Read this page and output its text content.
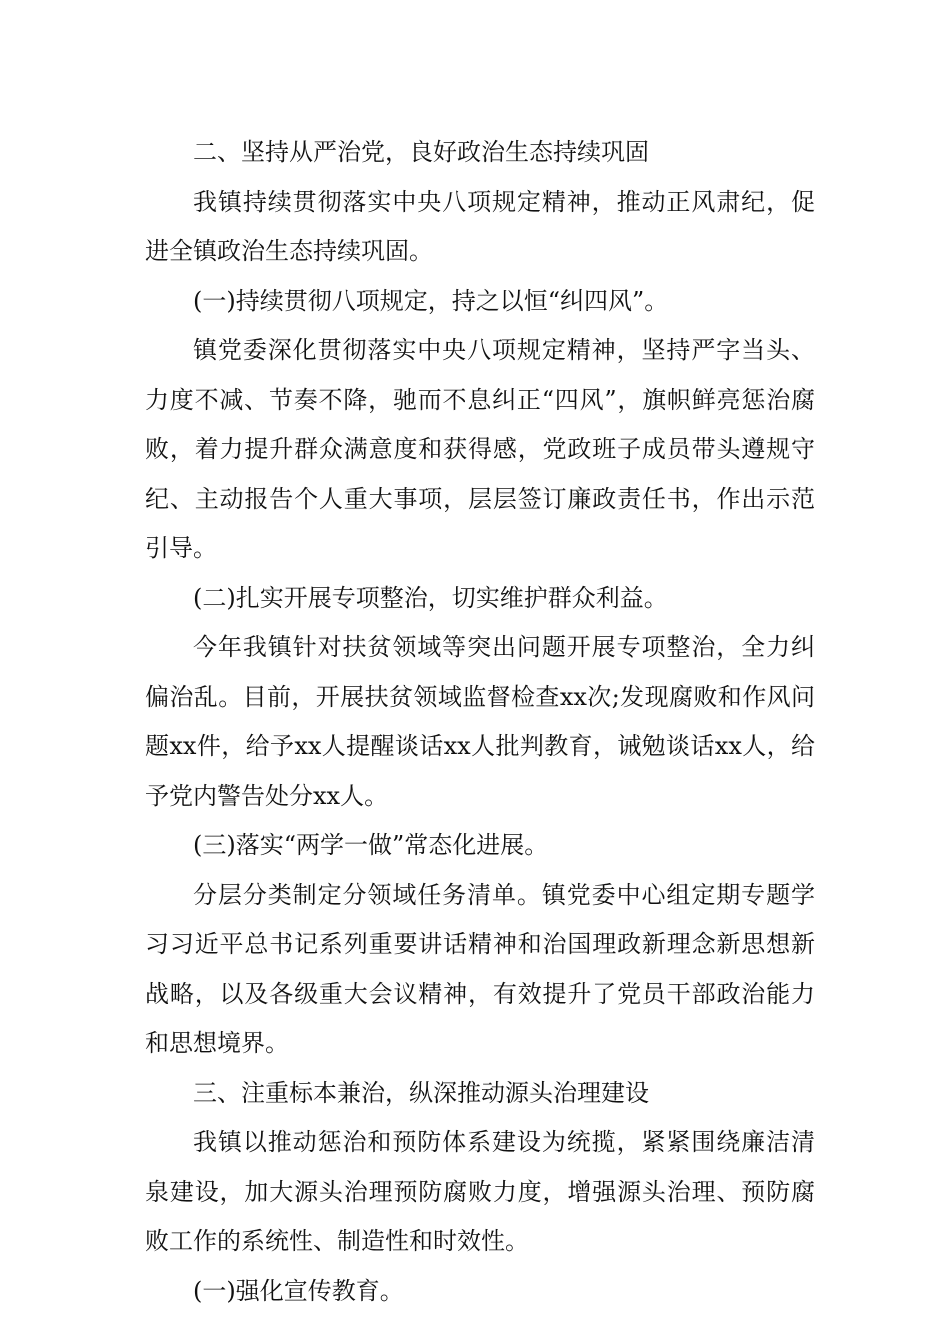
二、坚持从严治党，良好政治生态持续巩固

我镇持续贯彻落实中央八项规定精神，推动正风肃纪，促进全镇政治生态持续巩固。

(一)持续贯彻八项规定，持之以恒“纠四风”。

镇党委深化贯彻落实中央八项规定精神，坚持严字当头、力度不减、节奏不降，驰而不息纠正“四风”，旗帜鲜亮惩治腐败，着力提升群众满意度和获得感，党政班子成员带头遵规守纪、主动报告个人重大事项，层层签订廉政责任书，作出示范引导。

(二)扎实开展专项整治，切实维护群众利益。

今年我镇针对扶贫领域等突出问题开展专项整治，全力纠偏治乱。目前，开展扶贫领域监督检查xx次;发现腐败和作风问题xx件，给予xx人提醒谈话xx人批判教育，诫勉谈话xx人，给予党内警告处分xx人。

(三)落实“两学一做”常态化进展。

分层分类制定分领域任务清单。镇党委中心组定期专题学习习近平总书记系列重要讲话精神和治国理政新理念新思想新战略，以及各级重大会议精神，有效提升了党员干部政治能力和思想境界。

三、注重标本兼治，纵深推动源头治理建设

我镇以推动惩治和预防体系建设为统揽，紧紧围绕廉洁清泉建设，加大源头治理预防腐败力度，增强源头治理、预防腐败工作的系统性、制造性和时效性。

(一)强化宣传教育。
